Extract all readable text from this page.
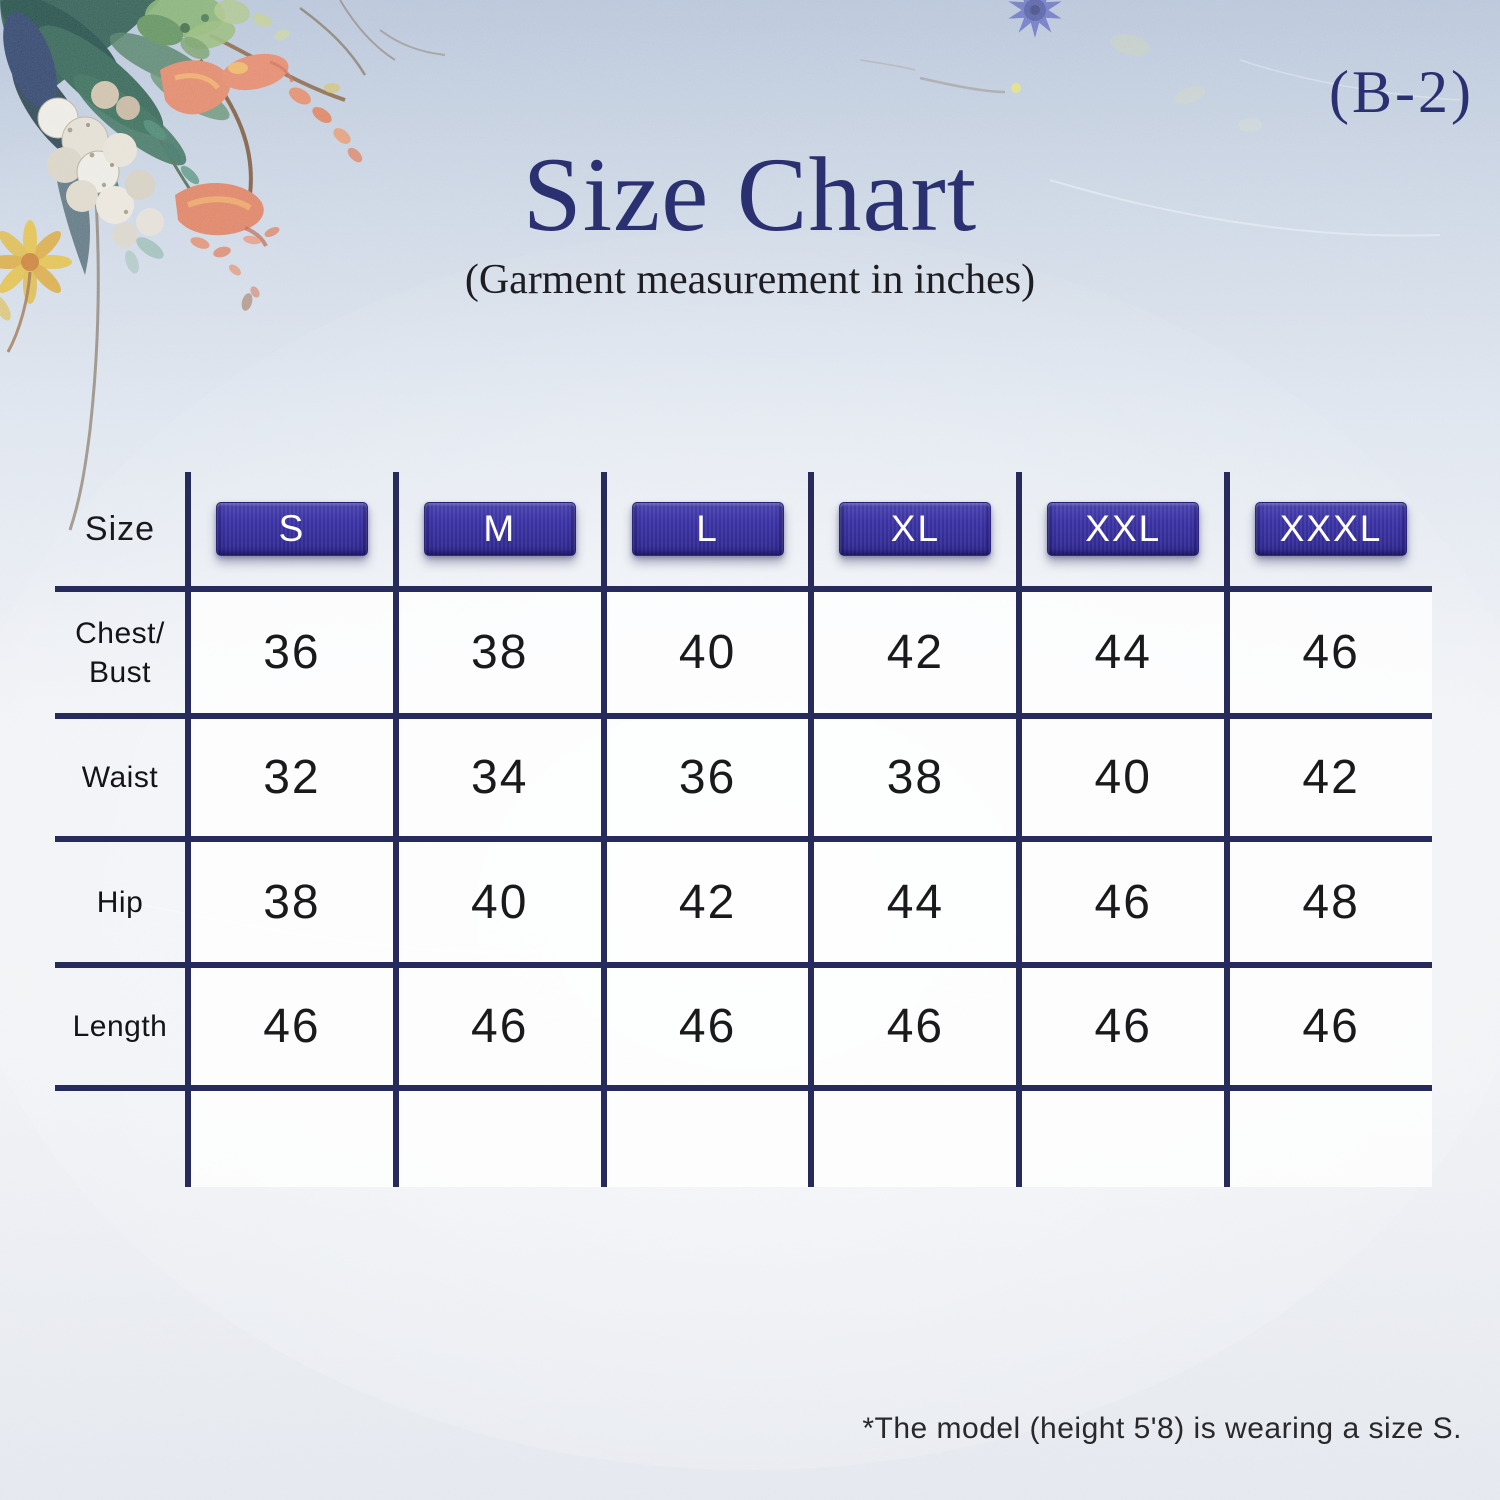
(B-2)
Size Chart
(Garment measurement in inches)
Size	S	M	L	XL	XXL	XXXL
Chest/
Bust 36	38	40	42	44	46
Waist 32	34	36	38	40	42
Hip 38	40	42	44	46	48
Length 46	46	46	46	46	46
*The model (height 5'8) is wearing a size S.
